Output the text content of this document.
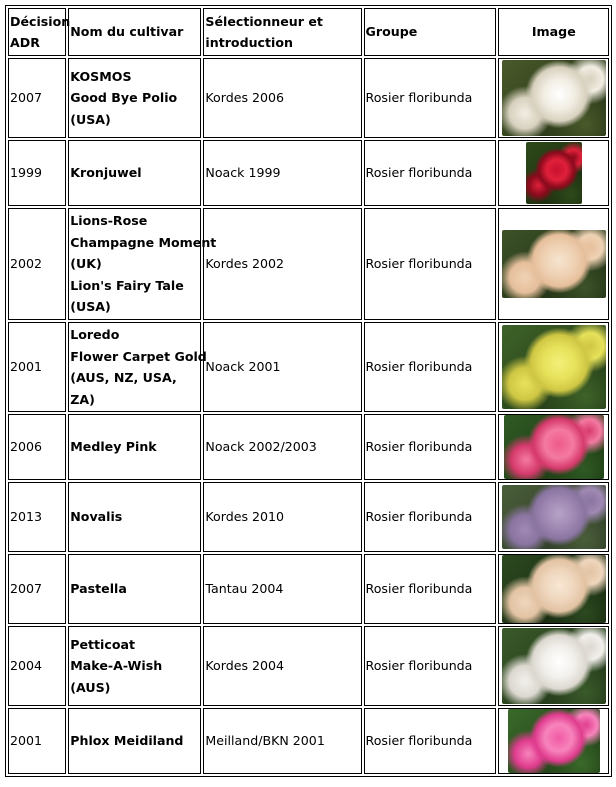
Décision
ADR	Nom du cultivar	Sélectionneur et
introduction	Groupe	Image
2007	KOSMOS
Good Bye Polio
(USA)	Kordes 2006	Rosier floribunda	

1999	Kronjuwel	Noack 1999	Rosier floribunda	

2002	Lions-Rose
Champagne Moment
(UK)
Lion's Fairy Tale
(USA)	Kordes 2002	Rosier floribunda	

2001	Loredo
Flower Carpet Gold
(AUS, NZ, USA,
ZA)	Noack 2001	Rosier floribunda	

2006	Medley Pink	Noack 2002/2003	Rosier floribunda	

2013	Novalis	Kordes 2010	Rosier floribunda	

2007	Pastella	Tantau 2004	Rosier floribunda	

2004	Petticoat
Make-A-Wish
(AUS)	Kordes 2004	Rosier floribunda	

2001	Phlox Meidiland	Meilland/BKN 2001	Rosier floribunda	
